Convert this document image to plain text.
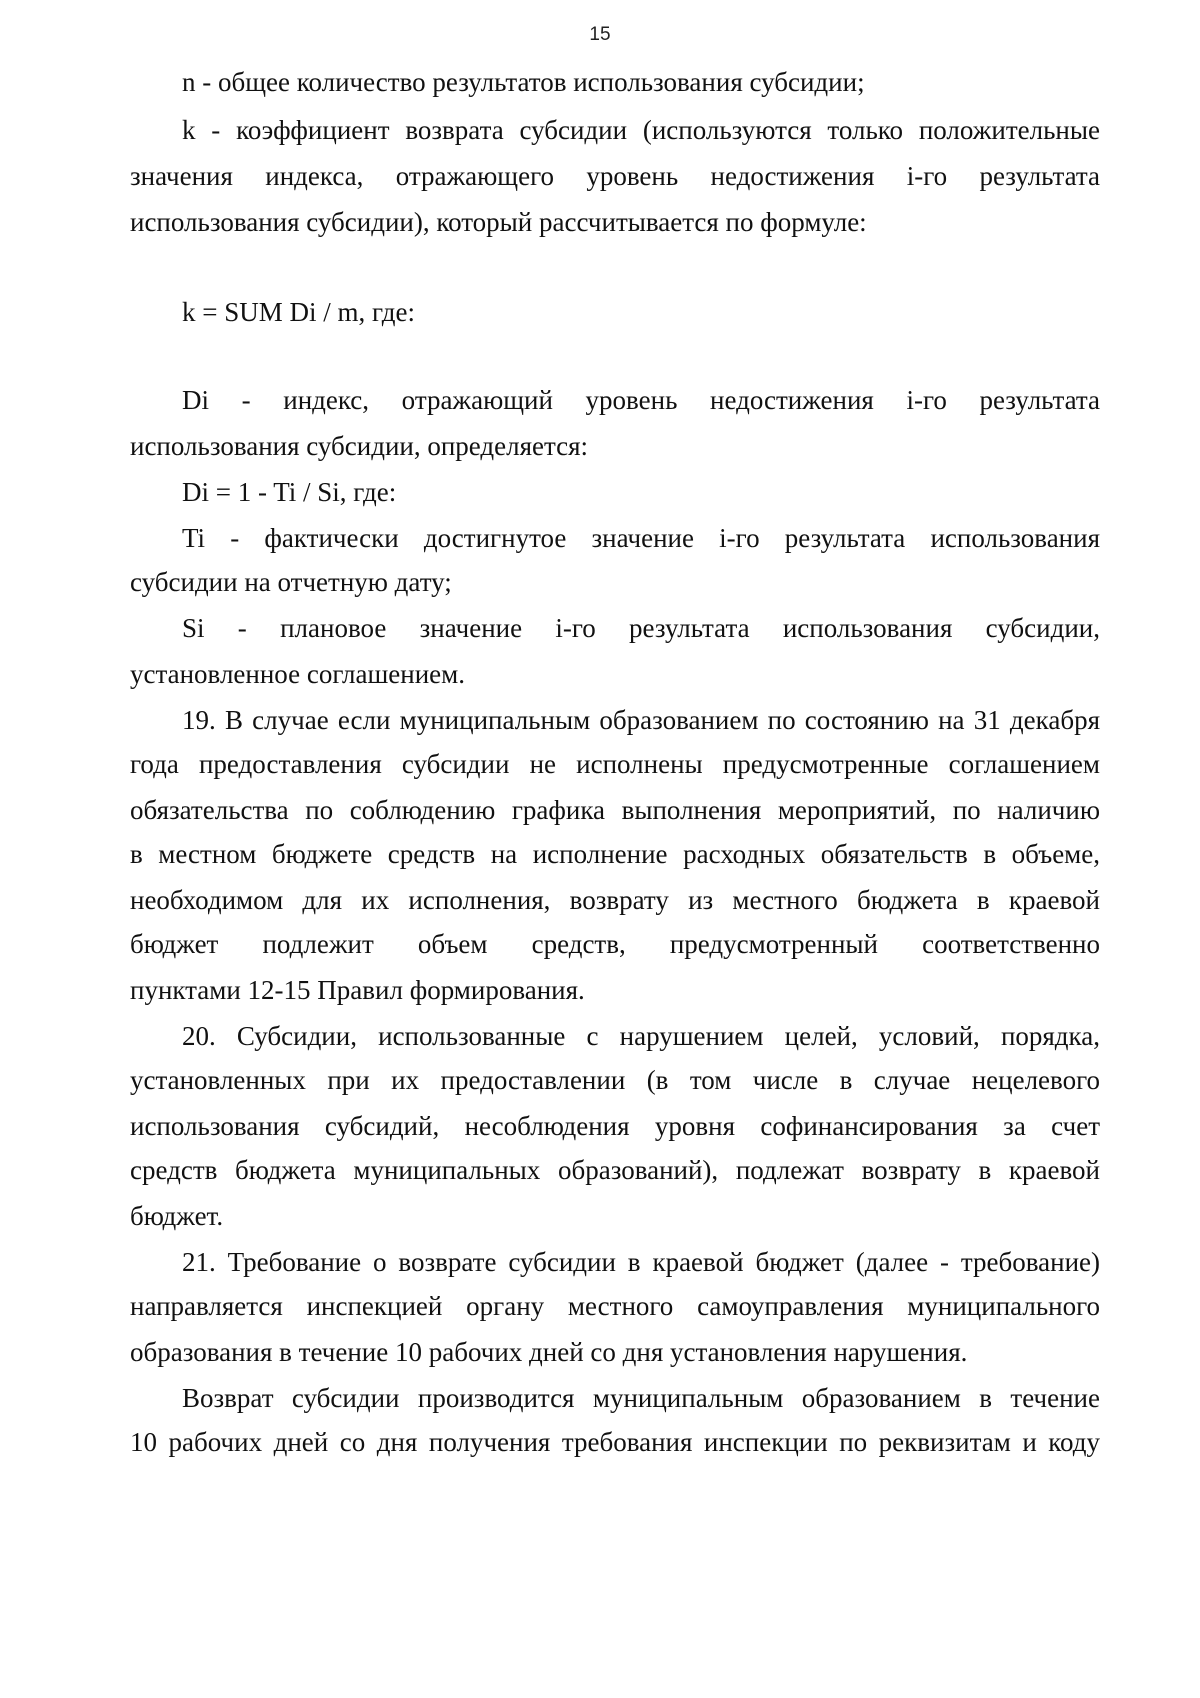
15
n - общее количество результатов использования субсидии;
k - коэффициент возврата субсидии (используются только положительные
значения индекса, отражающего уровень недостижения i-го результата
использования субсидии), который рассчитывается по формуле:
k = SUM Di / m, где:
Di - индекс, отражающий уровень недостижения i-го результата
использования субсидии, определяется:
Di = 1 - Ti / Si, где:
Ti - фактически достигнутое значение i-го результата использования
субсидии на отчетную дату;
Si - плановое значение i-го результата использования субсидии,
установленное соглашением.
19. В случае если муниципальным образованием по состоянию на 31 декабря
года предоставления субсидии не исполнены предусмотренные соглашением
обязательства по соблюдению графика выполнения мероприятий, по наличию
в местном бюджете средств на исполнение расходных обязательств в объеме,
необходимом для их исполнения, возврату из местного бюджета в краевой
бюджет подлежит объем средств, предусмотренный соответственно
пунктами 12-15 Правил формирования.
20. Субсидии, использованные с нарушением целей, условий, порядка,
установленных при их предоставлении (в том числе в случае нецелевого
использования субсидий, несоблюдения уровня софинансирования за счет
средств бюджета муниципальных образований), подлежат возврату в краевой
бюджет.
21. Требование о возврате субсидии в краевой бюджет (далее - требование)
направляется инспекцией органу местного самоуправления муниципального
образования в течение 10 рабочих дней со дня установления нарушения.
Возврат субсидии производится муниципальным образованием в течение
10 рабочих дней со дня получения требования инспекции по реквизитам и коду
